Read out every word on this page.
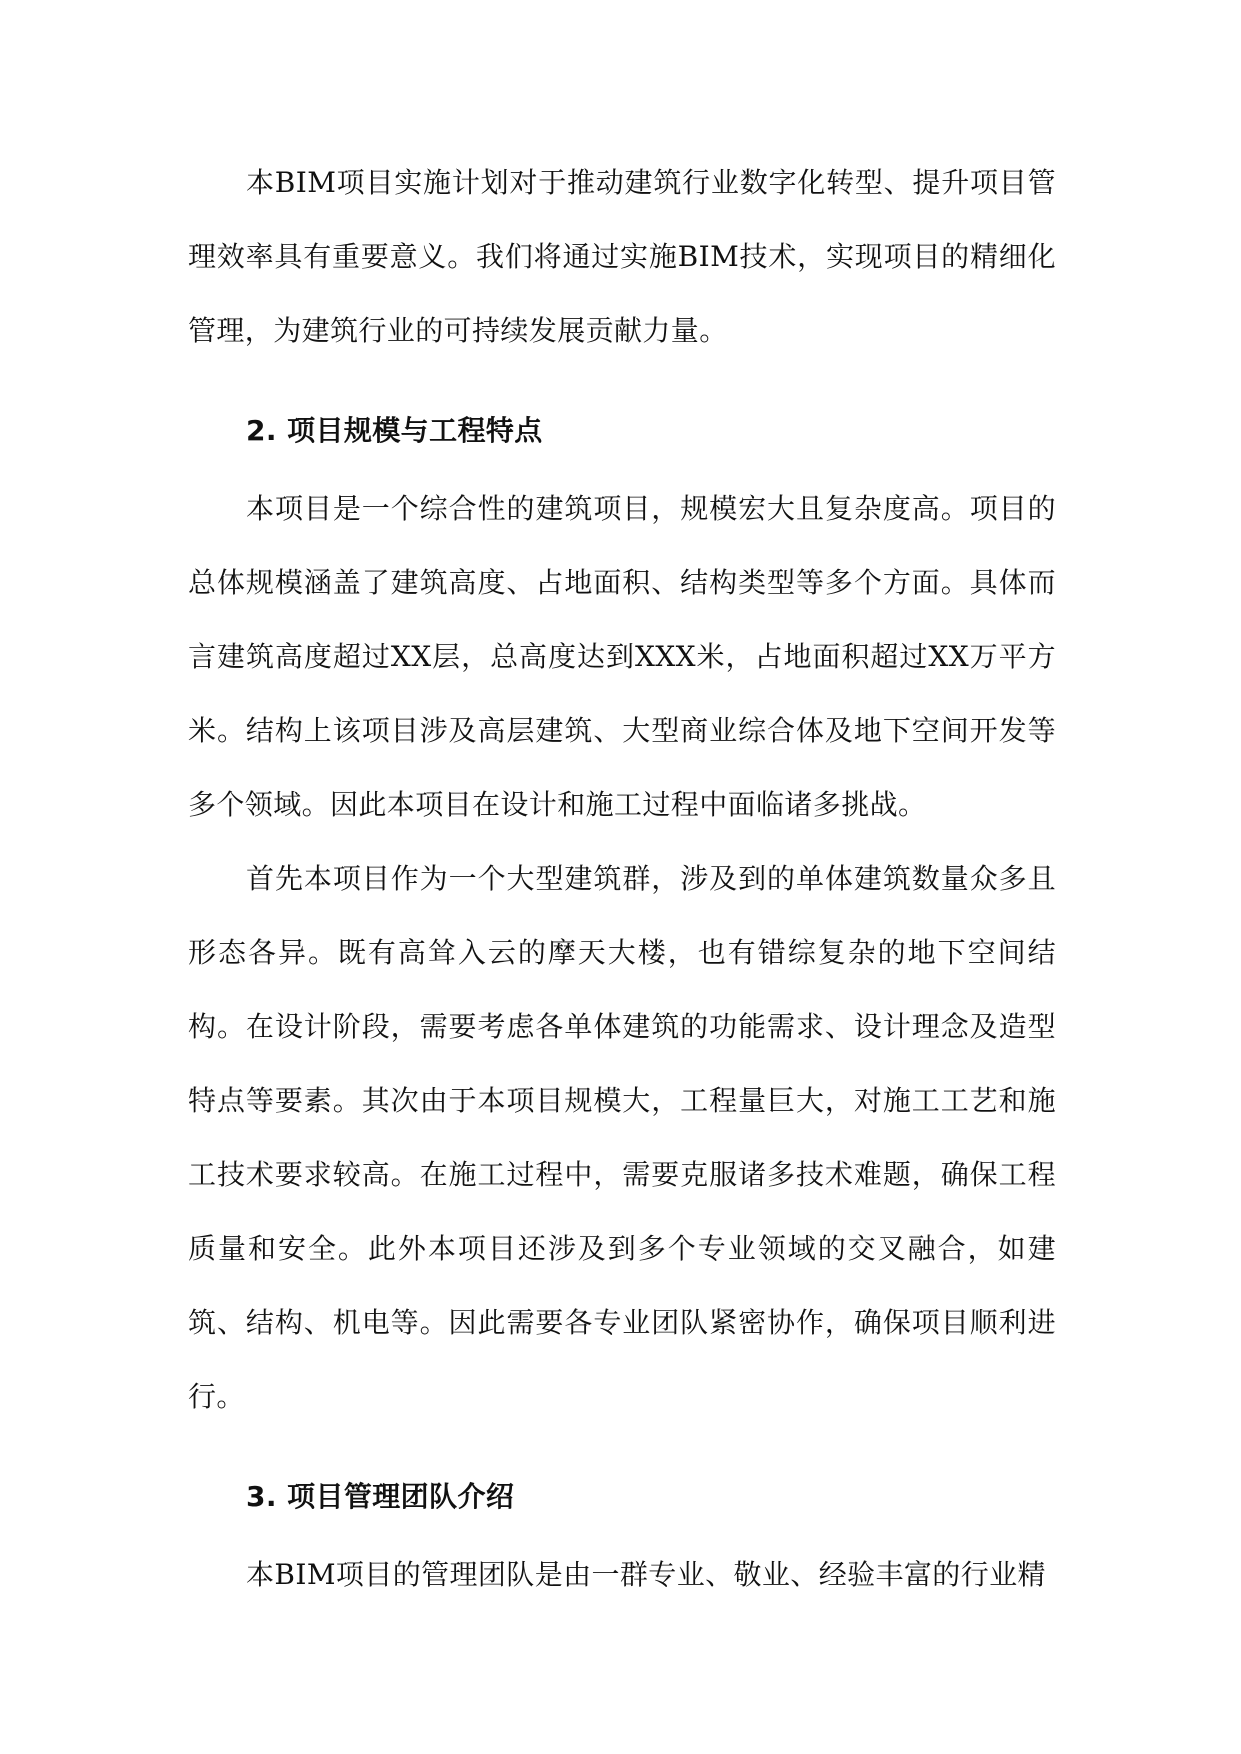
本BIM项目实施计划对于推动建筑行业数字化转型、提升项目管理效率具有重要意义。我们将通过实施BIM技术，实现项目的精细化管理，为建筑行业的可持续发展贡献力量。

2. 项目规模与工程特点

本项目是一个综合性的建筑项目，规模宏大且复杂度高。项目的总体规模涵盖了建筑高度、占地面积、结构类型等多个方面。具体而言建筑高度超过XX层，总高度达到XXX米，占地面积超过XX万平方米。结构上该项目涉及高层建筑、大型商业综合体及地下空间开发等多个领域。因此本项目在设计和施工过程中面临诸多挑战。

首先本项目作为一个大型建筑群，涉及到的单体建筑数量众多且形态各异。既有高耸入云的摩天大楼，也有错综复杂的地下空间结构。在设计阶段，需要考虑各单体建筑的功能需求、设计理念及造型特点等要素。其次由于本项目规模大，工程量巨大，对施工工艺和施工技术要求较高。在施工过程中，需要克服诸多技术难题，确保工程质量和安全。此外本项目还涉及到多个专业领域的交叉融合，如建筑、结构、机电等。因此需要各专业团队紧密协作，确保项目顺利进行。

3. 项目管理团队介绍

本BIM项目的管理团队是由一群专业、敬业、经验丰富的行业精
